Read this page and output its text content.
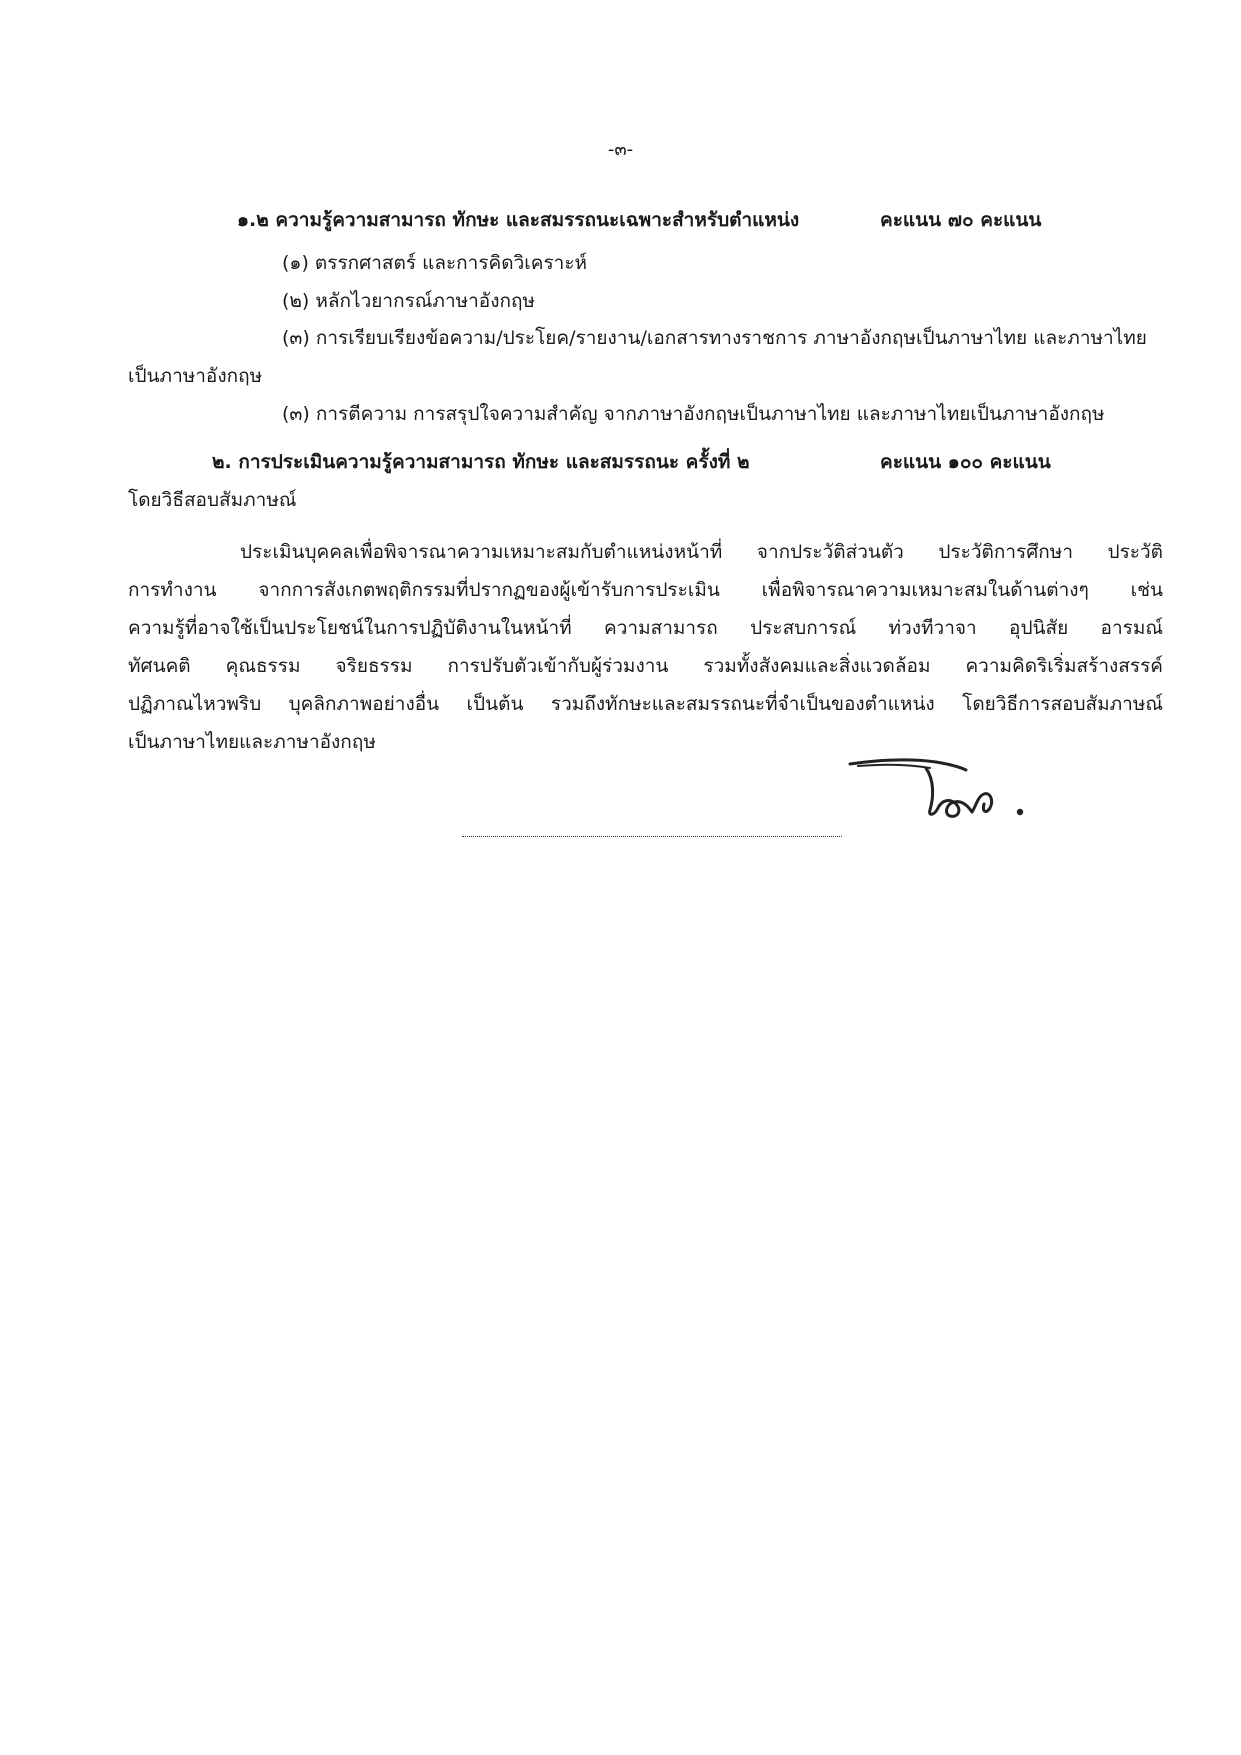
-๓-
๑.๒ ความรู้ความสามารถ ทักษะ และสมรรถนะเฉพาะสำหรับตำแหน่ง	คะแนน ๗๐ คะแนน
(๑) ตรรกศาสตร์ และการคิดวิเคราะห์
(๒) หลักไวยากรณ์ภาษาอังกฤษ
(๓) การเรียบเรียงข้อความ/ประโยค/รายงาน/เอกสารทางราชการ ภาษาอังกฤษเป็นภาษาไทย และภาษาไทย
เป็นภาษาอังกฤษ
(๓) การตีความ การสรุปใจความสำคัญ จากภาษาอังกฤษเป็นภาษาไทย และภาษาไทยเป็นภาษาอังกฤษ
๒. การประเมินความรู้ความสามารถ ทักษะ และสมรรถนะ ครั้งที่ ๒	คะแนน ๑๐๐ คะแนน
โดยวิธีสอบสัมภาษณ์
ประเมินบุคคลเพื่อพิจารณาความเหมาะสมกับตำแหน่งหน้าที่ จากประวัติส่วนตัว ประวัติการศึกษา ประวัติ
การทำงาน จากการสังเกตพฤติกรรมที่ปรากฏของผู้เข้ารับการประเมิน เพื่อพิจารณาความเหมาะสมในด้านต่างๆ เช่น
ความรู้ที่อาจใช้เป็นประโยชน์ในการปฏิบัติงานในหน้าที่ ความสามารถ ประสบการณ์ ท่วงทีวาจา อุปนิสัย อารมณ์
ทัศนคติ คุณธรรม จริยธรรม การปรับตัวเข้ากับผู้ร่วมงาน รวมทั้งสังคมและสิ่งแวดล้อม ความคิดริเริ่มสร้างสรรค์
ปฏิภาณไหวพริบ บุคลิกภาพอย่างอื่น เป็นต้น รวมถึงทักษะและสมรรถนะที่จำเป็นของตำแหน่ง โดยวิธีการสอบสัมภาษณ์
เป็นภาษาไทยและภาษาอังกฤษ
